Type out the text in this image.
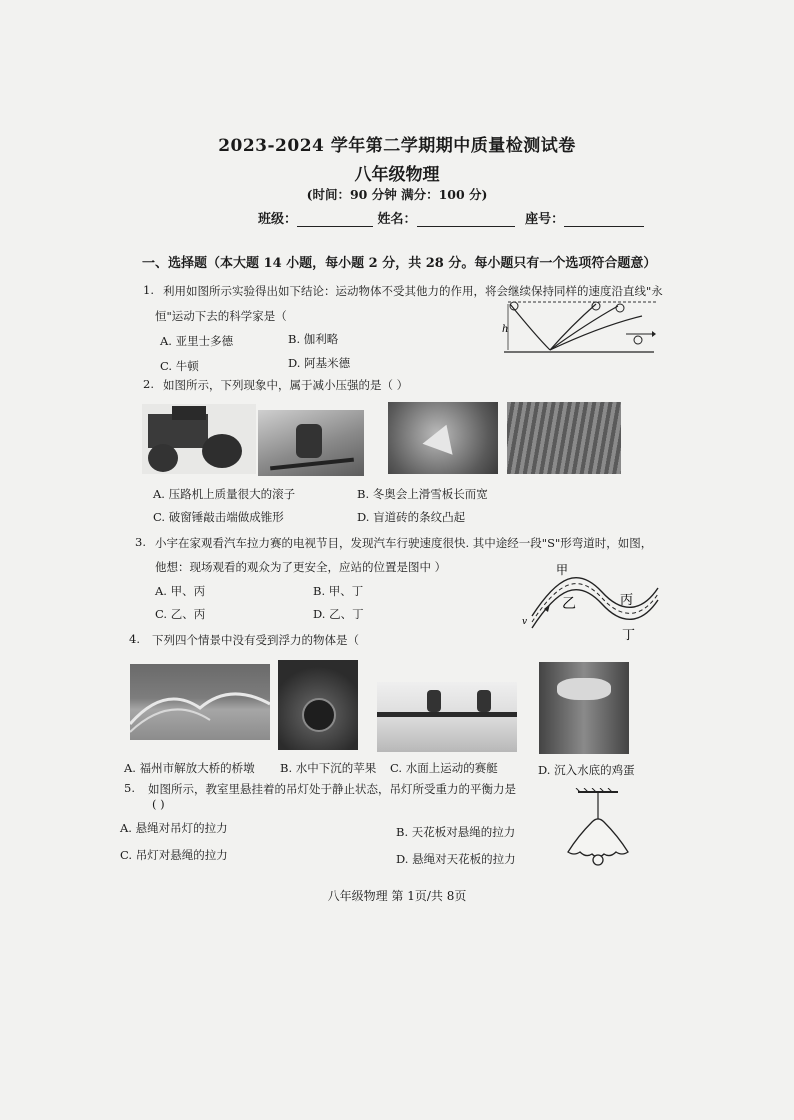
2023-2024 学年第二学期期中质量检测试卷
八年级物理
(时间：90 分钟 满分：100 分)
班级：	姓名：	座号：
一、选择题（本大题 14 小题，每小题 2 分，共 28 分。每小题只有一个选项符合题意）
1. 利用如图所示实验得出如下结论：运动物体不受其他力的作用，将会继续保持同样的速度沿直线"永
恒"运动下去的科学家是（
A. 亚里士多德	B. 伽利略
C. 牛顿	D. 阿基米德
h
2. 如图所示，下列现象中，属于减小压强的是（ ）
A. 压路机上质量很大的滚子	B. 冬奥会上滑雪板长而宽
C. 破窗锤敲击端做成锥形	D. 盲道砖的条纹凸起
3. 小宇在家观看汽车拉力赛的电视节目，发现汽车行驶速度很快. 其中途经一段"S"形弯道时，如图，
他想：现场观看的观众为了更安全，应站的位置是图中 ）
A. 甲、丙	B. 甲、丁
C. 乙、丙	D. 乙、丁
甲
乙	丙
丁
v
4. 下列四个情景中没有受到浮力的物体是（
A. 福州市解放大桥的桥墩 B. 水中下沉的苹果 C. 水面上运动的赛艇	D. 沉入水底的鸡蛋
5. 如图所示，教室里悬挂着的吊灯处于静止状态，吊灯所受重力的平衡力是
( )
A. 悬绳对吊灯的拉力	B. 天花板对悬绳的拉力
C. 吊灯对悬绳的拉力	D. 悬绳对天花板的拉力
八年级物理 第 1页/共 8页
